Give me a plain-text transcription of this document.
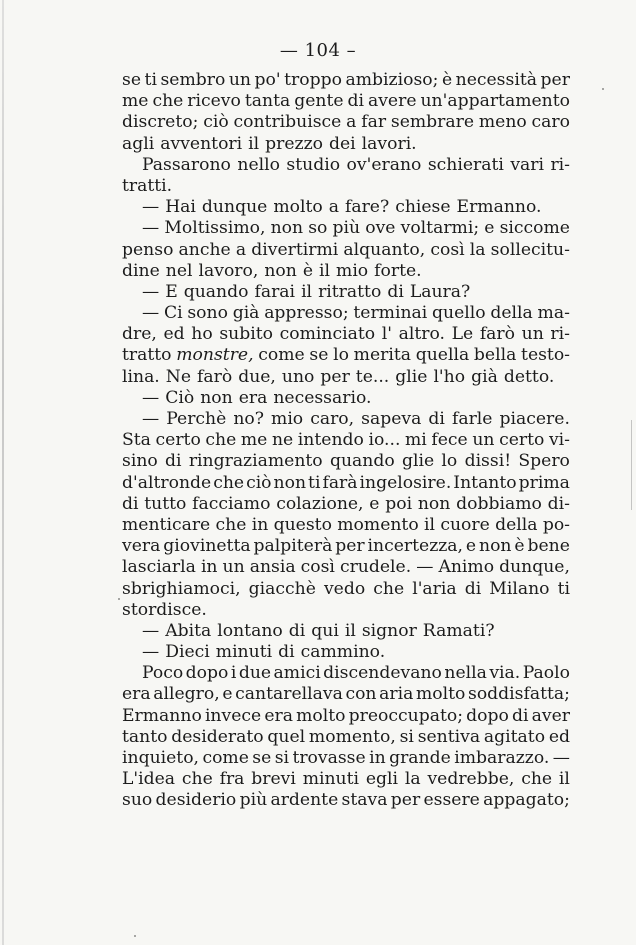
— 104 –
se ti sembro un po' troppo ambizioso; è necessità per
me che ricevo tanta gente di avere un'appartamento
discreto; ciò contribuisce a far sembrare meno caro
agli avventori il prezzo dei lavori.
Passarono nello studio ov'erano schierati vari ri-
tratti.
— Hai dunque molto a fare? chiese Ermanno.
— Moltissimo, non so più ove voltarmi; e siccome
penso anche a divertirmi alquanto, così la sollecitu-
dine nel lavoro, non è il mio forte.
— E quando farai il ritratto di Laura?
— Ci sono già appresso; terminai quello della ma-
dre, ed ho subito cominciato l' altro. Le farò un ri-
tratto monstre, come se lo merita quella bella testo-
lina. Ne farò due, uno per te... glie l'ho già detto.
— Ciò non era necessario.
— Perchè no? mio caro, sapeva di farle piacere.
Sta certo che me ne intendo io... mi fece un certo vi-
sino di ringraziamento quando glie lo dissi! Spero
d'altronde che ciò non ti farà ingelosire. Intanto prima
di tutto facciamo colazione, e poi non dobbiamo di-
menticare che in questo momento il cuore della po-
vera giovinetta palpiterà per incertezza, e non è bene
lasciarla in un ansia così crudele. — Animo dunque,
sbrighiamoci, giacchè vedo che l'aria di Milano ti
stordisce.
— Abita lontano di qui il signor Ramati?
— Dieci minuti di cammino.
Poco dopo i due amici discendevano nella via. Paolo
era allegro, e cantarellava con aria molto soddisfatta;
Ermanno invece era molto preoccupato; dopo di aver
tanto desiderato quel momento, si sentiva agitato ed
inquieto, come se si trovasse in grande imbarazzo. —
L'idea che fra brevi minuti egli la vedrebbe, che il
suo desiderio più ardente stava per essere appagato;
